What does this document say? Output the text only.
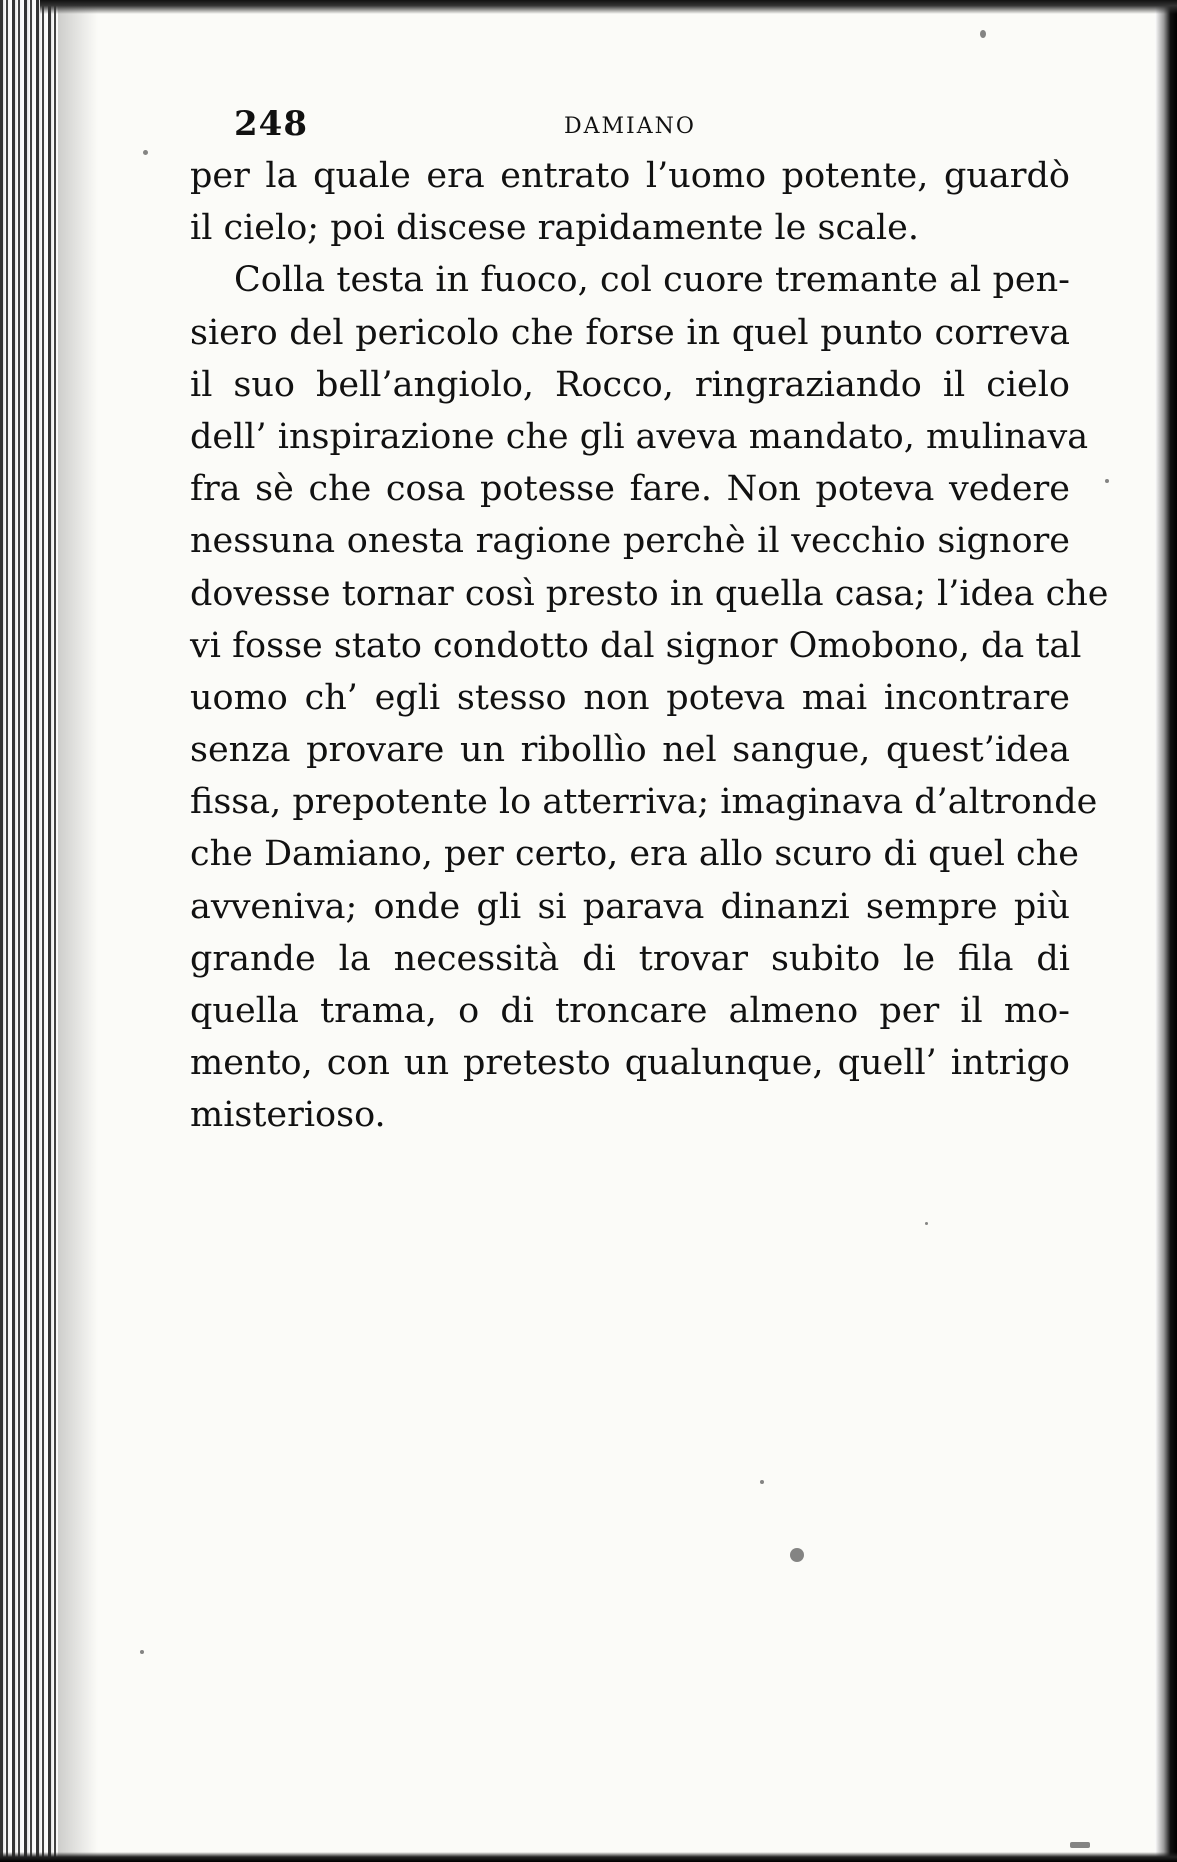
248	DAMIANO
per la quale era entrato l’uomo potente, guardò
il cielo; poi discese rapidamente le scale.
Colla testa in fuoco, col cuore tremante al pen-
siero del pericolo che forse in quel punto correva
il suo bell’angiolo, Rocco, ringraziando il cielo
dell’ inspirazione che gli aveva mandato, mulinava
fra sè che cosa potesse fare. Non poteva vedere
nessuna onesta ragione perchè il vecchio signore
dovesse tornar così presto in quella casa; l’idea che
vi fosse stato condotto dal signor Omobono, da tal
uomo ch’ egli stesso non poteva mai incontrare
senza provare un ribollìo nel sangue, quest’idea
fissa, prepotente lo atterriva; imaginava d’altronde
che Damiano, per certo, era allo scuro di quel che
avveniva; onde gli si parava dinanzi sempre più
grande la necessità di trovar subito le fila di
quella trama, o di troncare almeno per il mo-
mento, con un pretesto qualunque, quell’ intrigo
misterioso.
